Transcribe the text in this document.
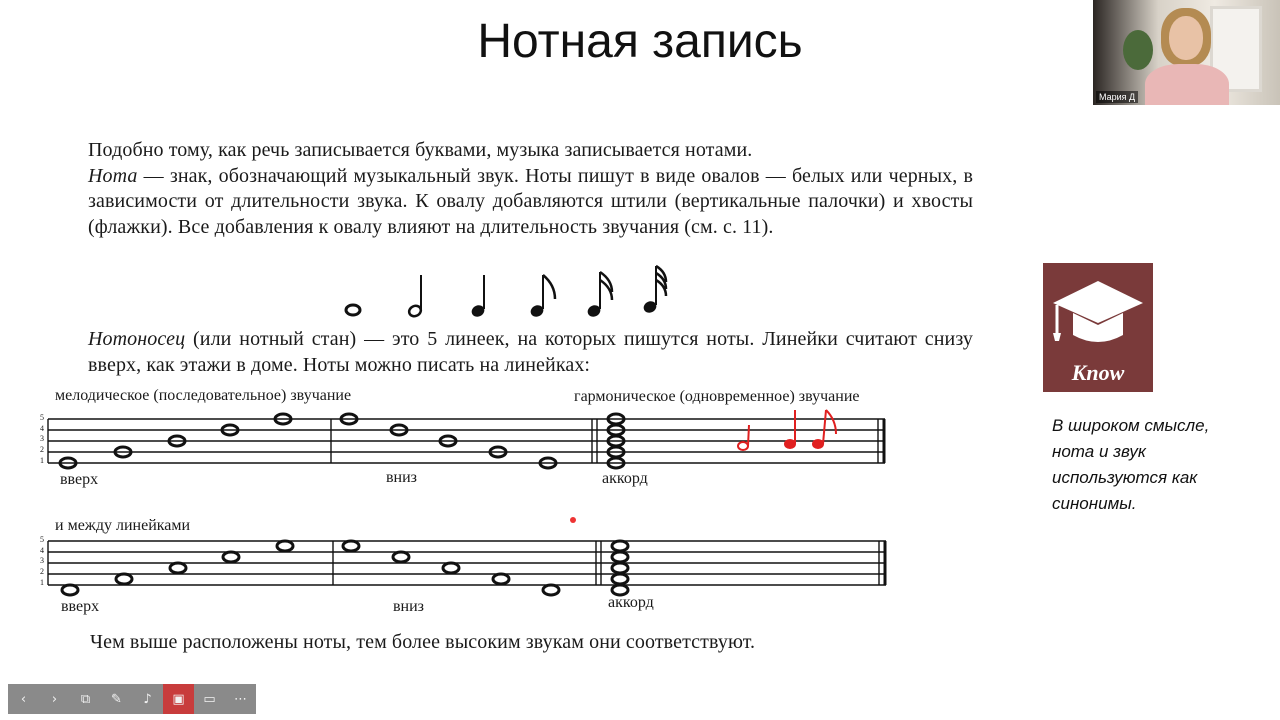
Нотная запись
Подобно тому, как речь записывается буквами, музыка записывается нотами.
Нота — знак, обозначающий музыкальный звук. Ноты пишут в виде овалов — белых или черных, в зависимости от длительности звука. К овалу добавляются штили (вертикальные палочки) и хвосты (флажки). Все добавления к овалу влияют на длительность звучания (см. с. 11).
Нотоносец (или нотный стан) — это 5 линеек, на которых пишутся ноты. Линейки считают снизу вверх, как этажи в доме. Ноты можно писать на линейках:
мелодическое (последовательное) звучание	гармоническое (одновременное) звучание
5
4
3
2
1
вверх	вниз	аккорд
и между линейками
5
4
3
2
1
вверх	вниз	аккорд
Чем выше расположены ноты, тем более высоким звукам они соответствуют.
Мария Д
Know
В широком смысле, нота и звук используются как синонимы.
‹	›	⧉	✎	♪	▣	▭	⋯
